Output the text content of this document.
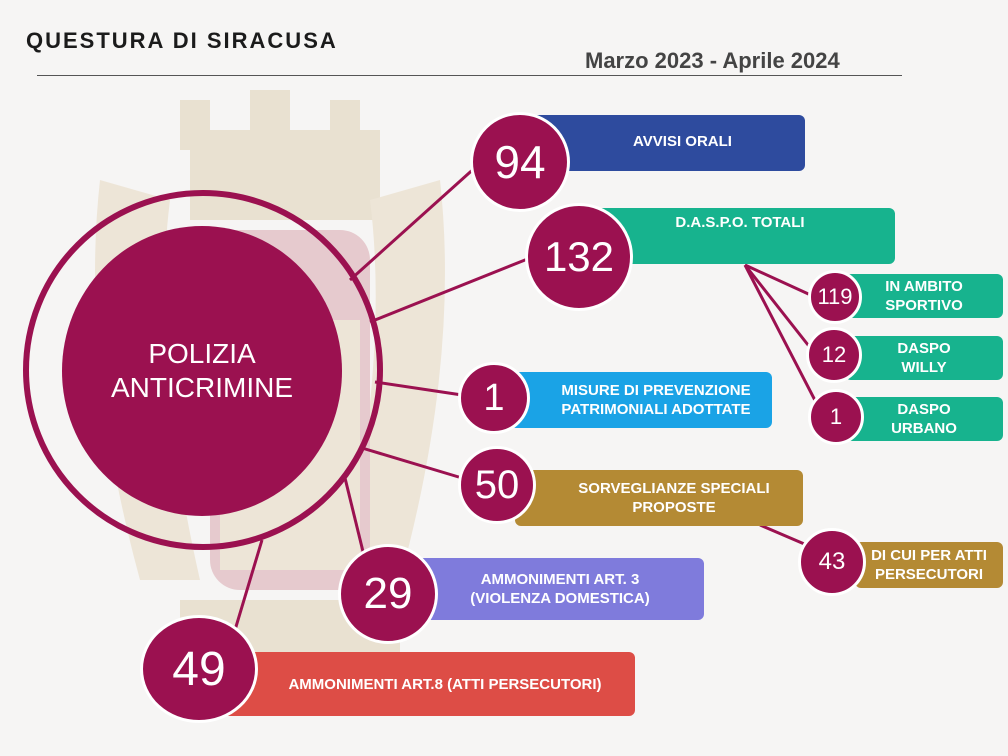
QUESTURA DI SIRACUSA
Marzo 2023 - Aprile 2024
POLIZIA
ANTICRIMINE
AVVISI ORALI
94
D.A.S.P.O. TOTALI
132
IN AMBITO
SPORTIVO
119
DASPO
WILLY
12
DASPO
URBANO
1
MISURE DI PREVENZIONE
PATRIMONIALI ADOTTATE
1
SORVEGLIANZE SPECIALI
PROPOSTE
50
DI CUI PER ATTI
PERSECUTORI
43
AMMONIMENTI ART. 3
(VIOLENZA DOMESTICA)
29
AMMONIMENTI ART.8 (ATTI PERSECUTORI)
49
